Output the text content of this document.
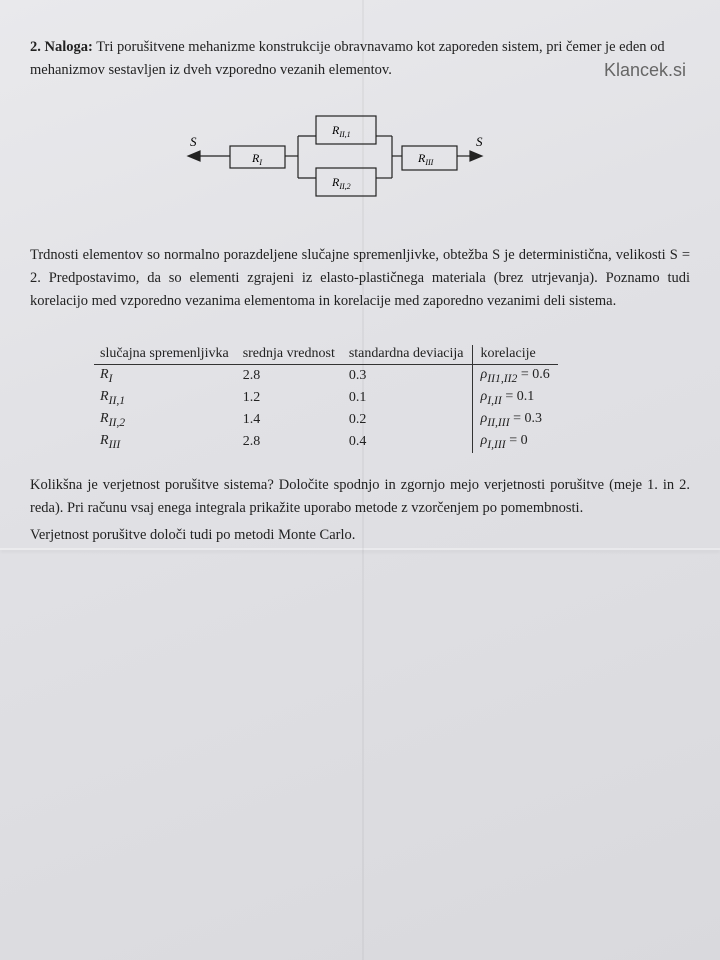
2. Naloga: Tri porušitvene mehanizme konstrukcije obravnavamo kot zaporeden sistem, pri čemer je eden od mehanizmov sestavljen iz dveh vzporedno vezanih elementov.	Klancek.si
S	S
$R_I$
$R_{II,1}$
$R_{II,2}$
$R_{III}$
Trdnosti elementov so normalno porazdeljene slučajne spremenljivke, obtežba S je deterministična, velikosti S = 2. Predpostavimo, da so elementi zgrajeni iz elasto-plastičnega materiala (brez utrjevanja). Poznamo tudi korelacijo med vzporedno vezanima elementoma in korelacije med zaporedno vezanimi deli sistema.
slučajna spremenljivka	srednja vrednost	standardna deviacija	korelacije
$R_I$	2.8	0.3	$\rho_{II1,II2} = 0.6$
$R_{II,1}$	1.2	0.1	$\rho_{I,II} = 0.1$
$R_{II,2}$	1.4	0.2	$\rho_{II,III} = 0.3$
$R_{III}$	2.8	0.4	$\rho_{I,III} = 0$
Kolikšna je verjetnost porušitve sistema? Določite spodnjo in zgornjo mejo verjetnosti porušitve (meje 1. in 2. reda). Pri računu vsaj enega integrala prikažite uporabo metode z vzorčenjem po pomembnosti.
Verjetnost porušitve določi tudi po metodi Monte Carlo.
